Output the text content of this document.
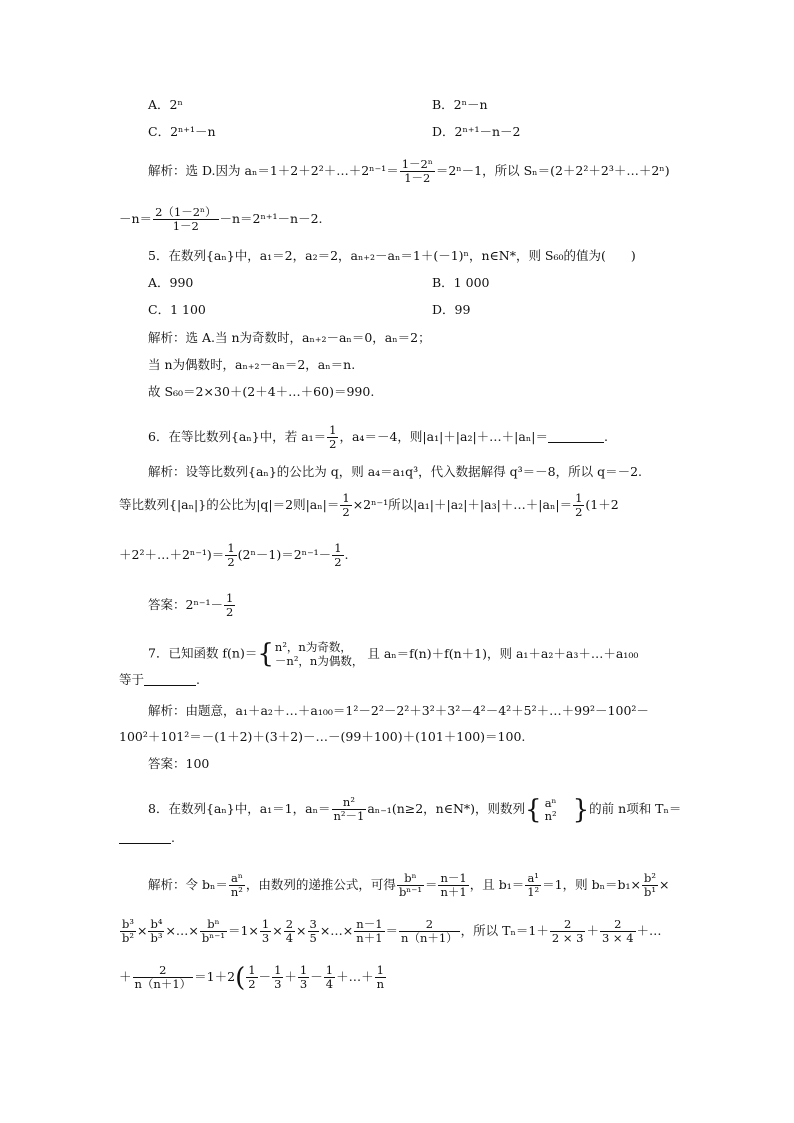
A．2ⁿ	B．2ⁿ－n
C．2ⁿ⁺¹－n	D．2ⁿ⁺¹－n－2
解析：选 D.因为 aₙ＝1＋2＋2²＋…＋2ⁿ⁻¹＝ $\frac{\text{1－2ⁿ}}{1-2} =2^n-1$，所以 Sₙ＝(2＋2²＋2³＋…＋2ⁿ)
$-n= \frac{\text{2（1－2ⁿ）}}{1-2} -n=2^{n+1}-n-2$.
5．在数列{aₙ}中，a₁＝2，a₂＝2，aₙ₊₂－aₙ＝1＋(－1)ⁿ，n∈N*，则 S₆₀的值为(　　)
A．990	B．1 000
C．1 100	D．99
解析：选 A.当 n为奇数时，aₙ₊₂－aₙ＝0，aₙ＝2；
当 n为偶数时，aₙ₊₂－aₙ＝2，aₙ＝n.
故 S₆₀＝2×30＋(2＋4＋…＋60)＝990.
6．在等比数列{aₙ}中，若 $a_1= \frac{1}{2}$ ，a₄＝－4，则|a₁|＋|a₂|＋…＋|aₙ|＝	.
解析：设等比数列{aₙ}的公比为 q，则 a₄＝a₁q³，代入数据解得 q³＝－8，所以 q＝－2.
等比数列{|aₙ|}的公比为|q|＝2则$|a_n|= \frac{1}{2} \times 2^{n-1}$所以|a₁|＋|a₂|＋|a₃|＋…＋|aₙ|＝ $\frac{1}{2} (1+2$
＋2²＋…＋2ⁿ⁻¹)＝ $\frac{1}{2} (2^n-1)=2^{n-1}- \frac{1}{2}$ .
答案：$2^{n-1}- \frac{1}{2}$
7．已知函数 f(n)＝{ n²，n为奇数，
－n²，n为偶数，
且 aₙ＝f(n)＋f(n＋1)，则 a₁＋a₂＋a₃＋…＋a₁₀₀
等于	.
解析：由题意，a₁＋a₂＋…＋a₁₀₀＝1²－2²－2²＋3²＋3²－4²－4²＋5²＋…＋99²－100²－
100²＋101²＝－(1＋2)＋(3＋2)－…－(99＋100)＋(101＋100)＝100.
答案：100
8．在数列{aₙ}中，a₁＝1，$a_n= \frac{\text{n²}}{\text{n²－1}} a_{n-1}(n\ge 2$，n∈N*)，则数列{ aⁿ
n² }的前 n项和 Tₙ＝
.
解析：令 $b_n= \frac{\text{aⁿ}}{\text{n²}}$ ，由数列的递推公式，可得 $\frac{\text{bⁿ}}{\text{bⁿ⁻¹}} = \frac{n-1}{n+1}$ ，且 $b_1= \frac{\text{a¹}}{\text{1²}} =1$，则 $b_n=b_1\times \frac{\text{b²}}{\text{b¹}}$ ×
$\frac{\text{b³}}{\text{b²}} \times \frac{\text{b⁴}}{\text{b³}}$ ×…× $\frac{\text{bⁿ}}{\text{bⁿ⁻¹}} =1\times \frac{1}{3} \times \frac{2}{4} \times \frac{3}{5}$ ×…× $\frac{n-1}{n+1} = \frac{2}{n(n+1)}$ ，所以 $T_n=1+ \frac{2}{2 \times 3} + \frac{2}{3 \times 4}$ ＋…
＋ $\frac{2}{n(n+1)} =1+2( \frac{1}{2} - \frac{1}{3} + \frac{1}{3} - \frac{1}{4}$ ＋…＋ $\frac{1}{n}$
